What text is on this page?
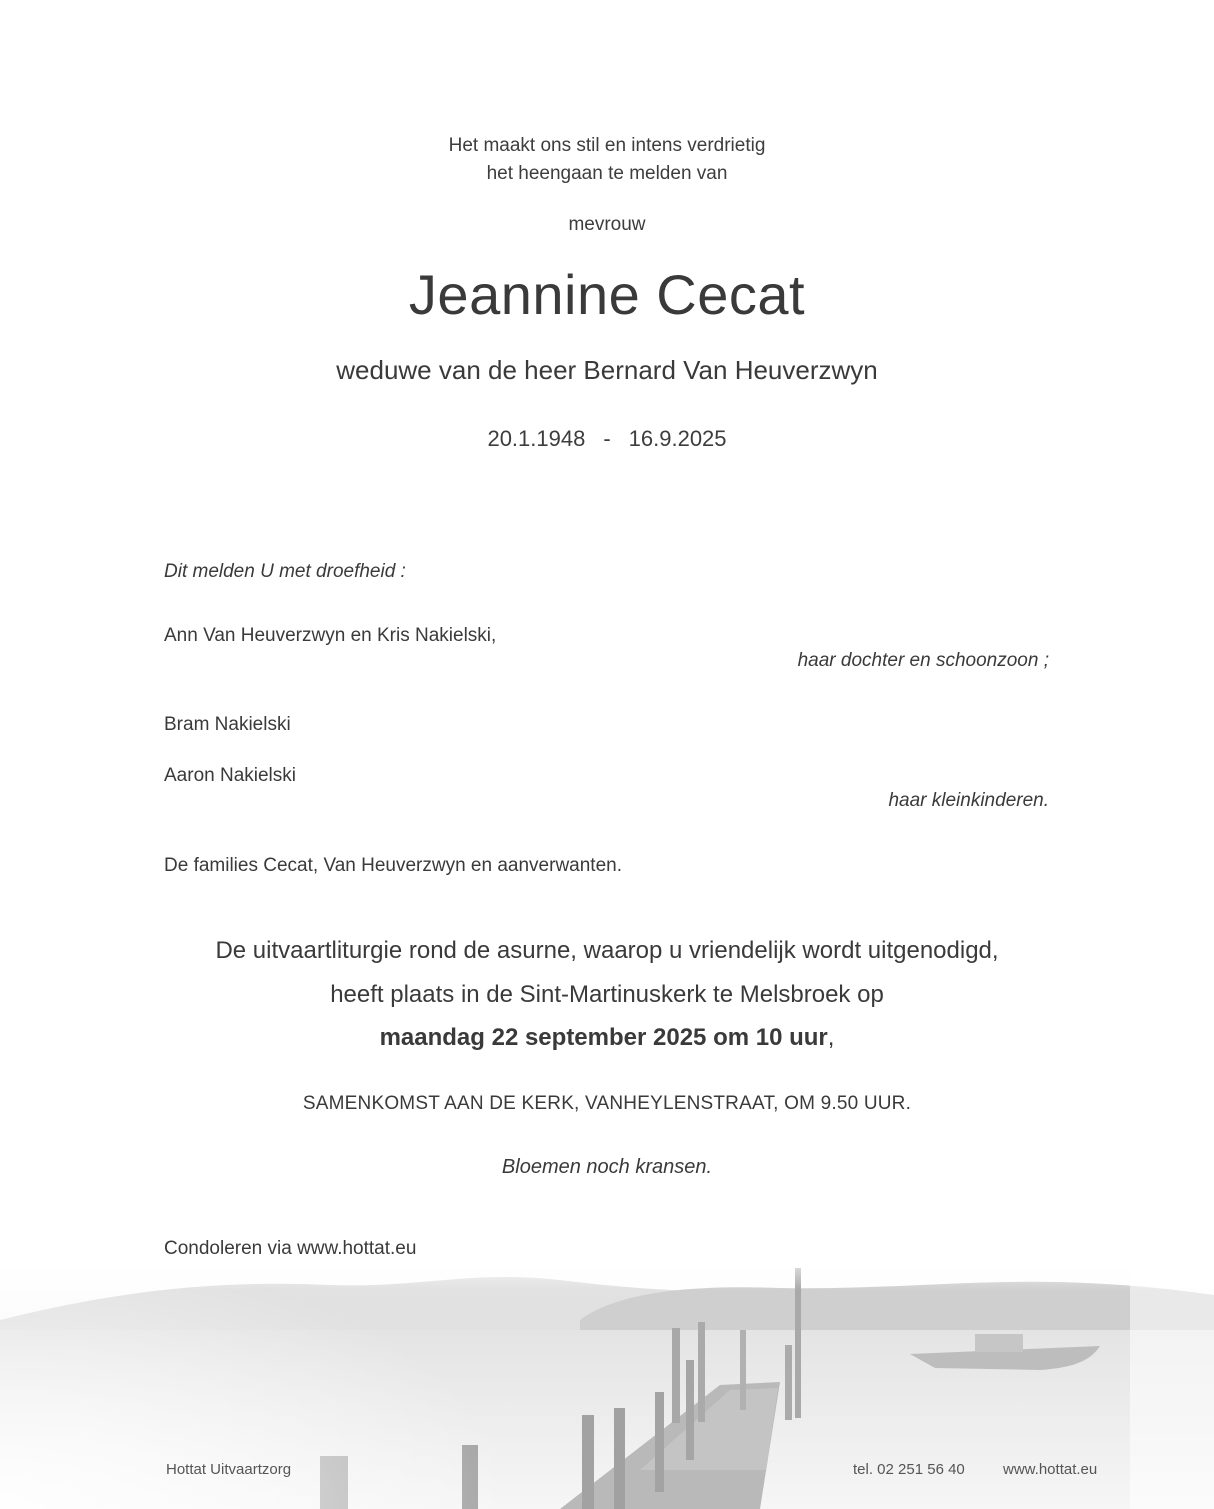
Het maakt ons stil en intens verdrietig
het heengaan te melden van
mevrouw
Jeannine Cecat
weduwe van de heer Bernard Van Heuverzwyn
20.1.1948 - 16.9.2025
Dit melden U met droefheid :
Ann Van Heuverzwyn en Kris Nakielski,
haar dochter en schoonzoon ;
Bram Nakielski
Aaron Nakielski
haar kleinkinderen.
De families Cecat, Van Heuverzwyn en aanverwanten.
De uitvaartliturgie rond de asurne, waarop u vriendelijk wordt uitgenodigd,
heeft plaats in de Sint-Martinuskerk te Melsbroek op
maandag 22 september 2025 om 10 uur,
SAMENKOMST AAN DE KERK, VANHEYLENSTRAAT, OM 9.50 UUR.
Bloemen noch kransen.
Condoleren via www.hottat.eu
Hottat Uitvaartzorg	tel. 02 251 56 40	www.hottat.eu
